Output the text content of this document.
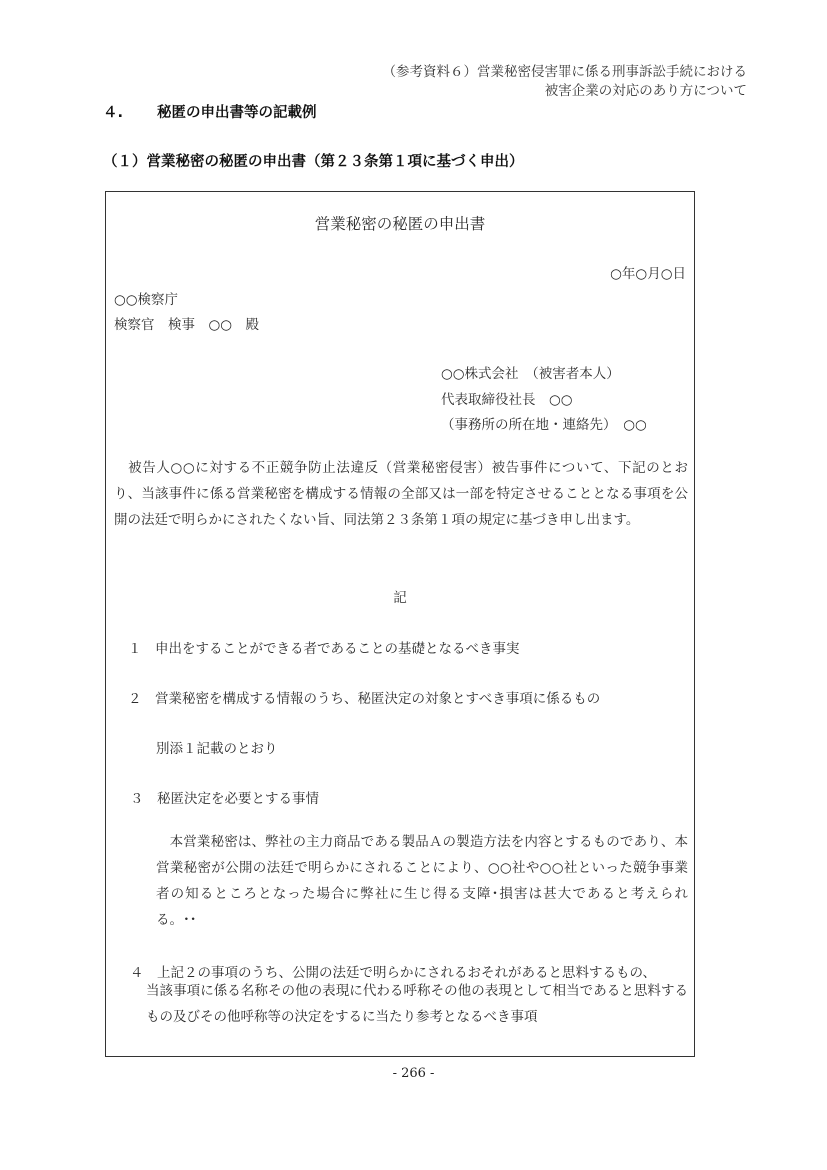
（参考資料６）営業秘密侵害罪に係る刑事訴訟手続における
被害企業の対応のあり方について
４. 秘匿の申出書等の記載例
（１）営業秘密の秘匿の申出書（第２３条第１項に基づく申出）
営業秘密の秘匿の申出書
○年○月○日
○○検察庁
検察官　検事　○○　殿
○○株式会社　（被害者本人）
代表取締役社長　○○
（事務所の所在地・連絡先）　○○
　被告人○○に対する不正競争防止法違反（営業秘密侵害）被告事件について、下記のとおり、当該事件に係る営業秘密を構成する情報の全部又は一部を特定させることとなる事項を公開の法廷で明らかにされたくない旨、同法第２３条第１項の規定に基づき申し出ます。
記
１　申出をすることができる者であることの基礎となるべき事実
２　営業秘密を構成する情報のうち、秘匿決定の対象とすべき事項に係るもの
別添１記載のとおり
３　秘匿決定を必要とする事情
　本営業秘密は、弊社の主力商品である製品Ａの製造方法を内容とするものであり、本営業秘密が公開の法廷で明らかにされることにより、○○社や○○社といった競争事業者の知るところとなった場合に弊社に生じ得る支障･損害は甚大であると考えられる。･･
４　上記２の事項のうち、公開の法廷で明らかにされるおそれがあると思料するもの、
当該事項に係る名称その他の表現に代わる呼称その他の表現として相当であると思料するもの及びその他呼称等の決定をするに当たり参考となるべき事項
- 266 -
